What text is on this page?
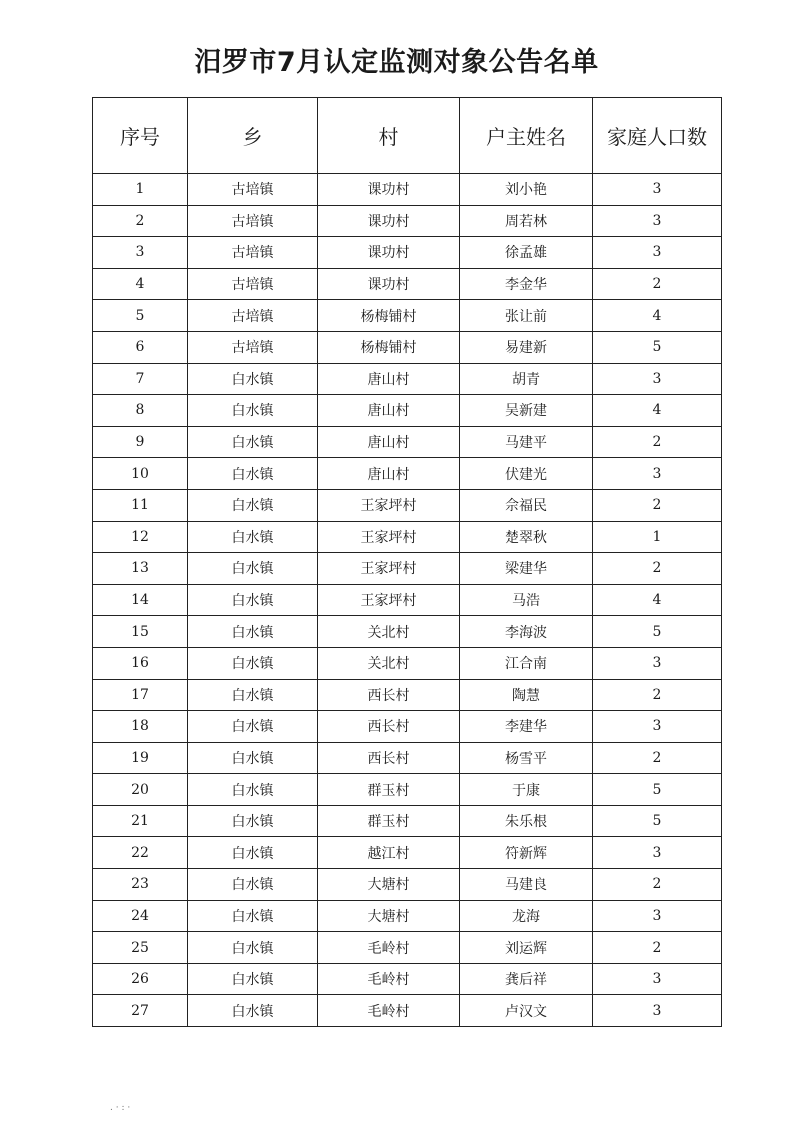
汨罗市7月认定监测对象公告名单
序号	乡	村	户主姓名	家庭人口数
1	古培镇	课功村	刘小艳	3
2	古培镇	课功村	周若林	3
3	古培镇	课功村	徐孟雄	3
4	古培镇	课功村	李金华	2
5	古培镇	杨梅铺村	张让前	4
6	古培镇	杨梅铺村	易建新	5
7	白水镇	唐山村	胡青	3
8	白水镇	唐山村	吴新建	4
9	白水镇	唐山村	马建平	2
10	白水镇	唐山村	伏建光	3
11	白水镇	王家坪村	佘福民	2
12	白水镇	王家坪村	楚翠秋	1
13	白水镇	王家坪村	梁建华	2
14	白水镇	王家坪村	马浩	4
15	白水镇	关北村	李海波	5
16	白水镇	关北村	江合南	3
17	白水镇	西长村	陶慧	2
18	白水镇	西长村	李建华	3
19	白水镇	西长村	杨雪平	2
20	白水镇	群玉村	于康	5
21	白水镇	群玉村	朱乐根	5
22	白水镇	越江村	符新辉	3
23	白水镇	大塘村	马建良	2
24	白水镇	大塘村	龙海	3
25	白水镇	毛岭村	刘运辉	2
26	白水镇	毛岭村	龚后祥	3
27	白水镇	毛岭村	卢汉文	3
. · : ·
